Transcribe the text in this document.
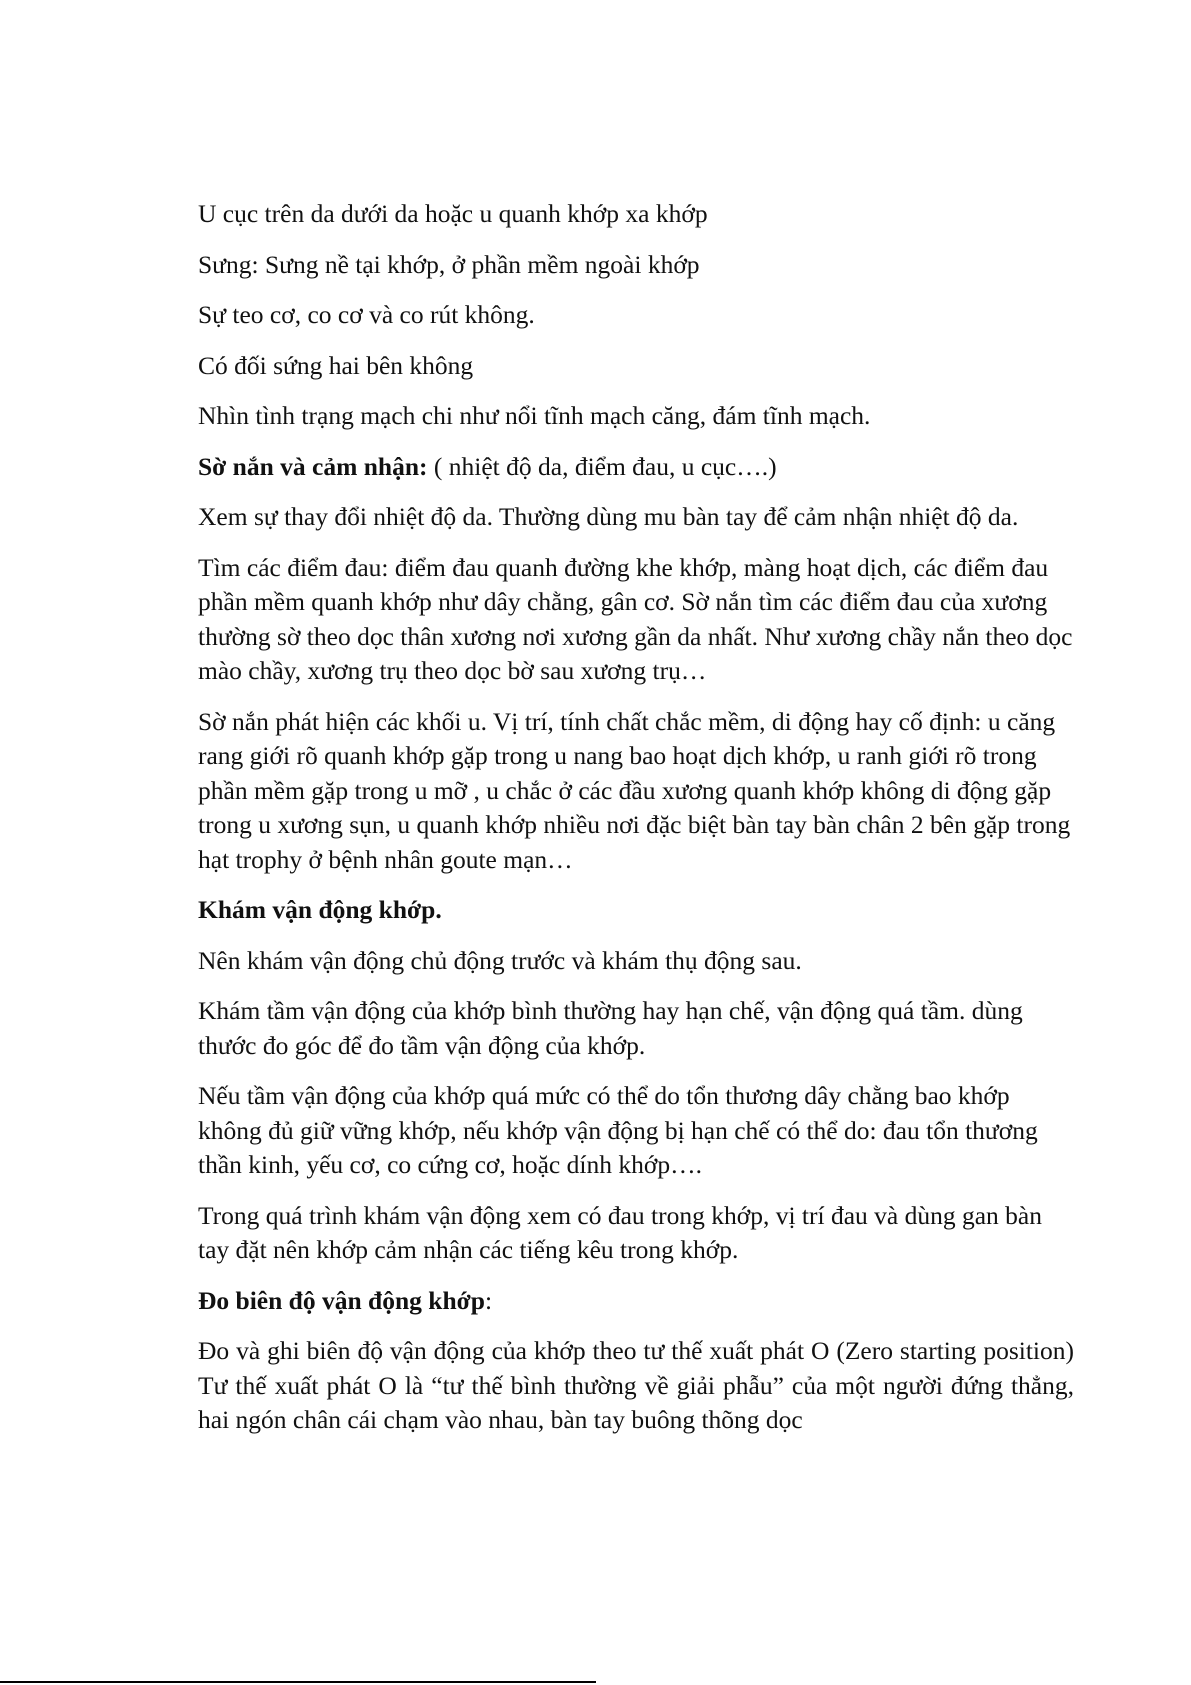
U cục trên da dưới da hoặc u quanh khớp xa khớp

Sưng: Sưng nề tại khớp, ở phần mềm ngoài khớp

Sự teo cơ, co cơ và co rút không.

Có đối sứng hai bên không

Nhìn tình trạng mạch chi như nổi tĩnh mạch căng, đám tĩnh mạch.

Sờ nắn và cảm nhận: ( nhiệt độ da, điểm đau, u cục….)

Xem sự thay đổi nhiệt độ da. Thường dùng mu bàn tay để cảm nhận nhiệt độ da.

Tìm các điểm đau: điểm đau quanh đường khe khớp, màng hoạt dịch, các điểm đau phần mềm quanh khớp như dây chằng, gân cơ. Sờ nắn tìm các điểm đau của xương thường sờ theo dọc thân xương nơi xương gần da nhất. Như xương chầy nắn theo dọc mào chầy, xương trụ theo dọc bờ sau xương trụ…

Sờ nắn phát hiện các khối u. Vị trí, tính chất chắc mềm, di động hay cố định: u căng rang giới rõ quanh khớp gặp trong u nang bao hoạt dịch khớp, u ranh giới rõ trong phần mềm gặp trong u mỡ , u chắc ở các đầu xương quanh khớp không di động gặp trong u xương sụn, u quanh khớp nhiều nơi đặc biệt bàn tay bàn chân 2 bên gặp trong hạt trophy ở bệnh nhân goute mạn…

Khám vận động khớp.

Nên khám vận động chủ động trước và khám thụ động sau.

Khám tầm vận động của khớp bình thường hay hạn chế, vận động quá tầm. dùng thước đo góc để đo tầm vận động của khớp.

Nếu tầm vận động của khớp quá mức có thể do tổn thương dây chằng bao khớp không đủ giữ vững khớp, nếu khớp vận động bị hạn chế có thể do: đau tổn thương thần kinh, yếu cơ, co cứng cơ, hoặc dính khớp….

Trong quá trình khám vận động xem có đau trong khớp, vị trí đau và dùng gan bàn tay đặt nên khớp cảm nhận các tiếng kêu trong khớp.

Đo biên độ vận động khớp:

Đo và ghi biên độ vận động của khớp theo tư thế xuất phát O (Zero starting position) Tư thế xuất phát O là “tư thế bình thường về giải phẫu” của một người đứng thẳng, hai ngón chân cái chạm vào nhau, bàn tay buông thõng dọc
